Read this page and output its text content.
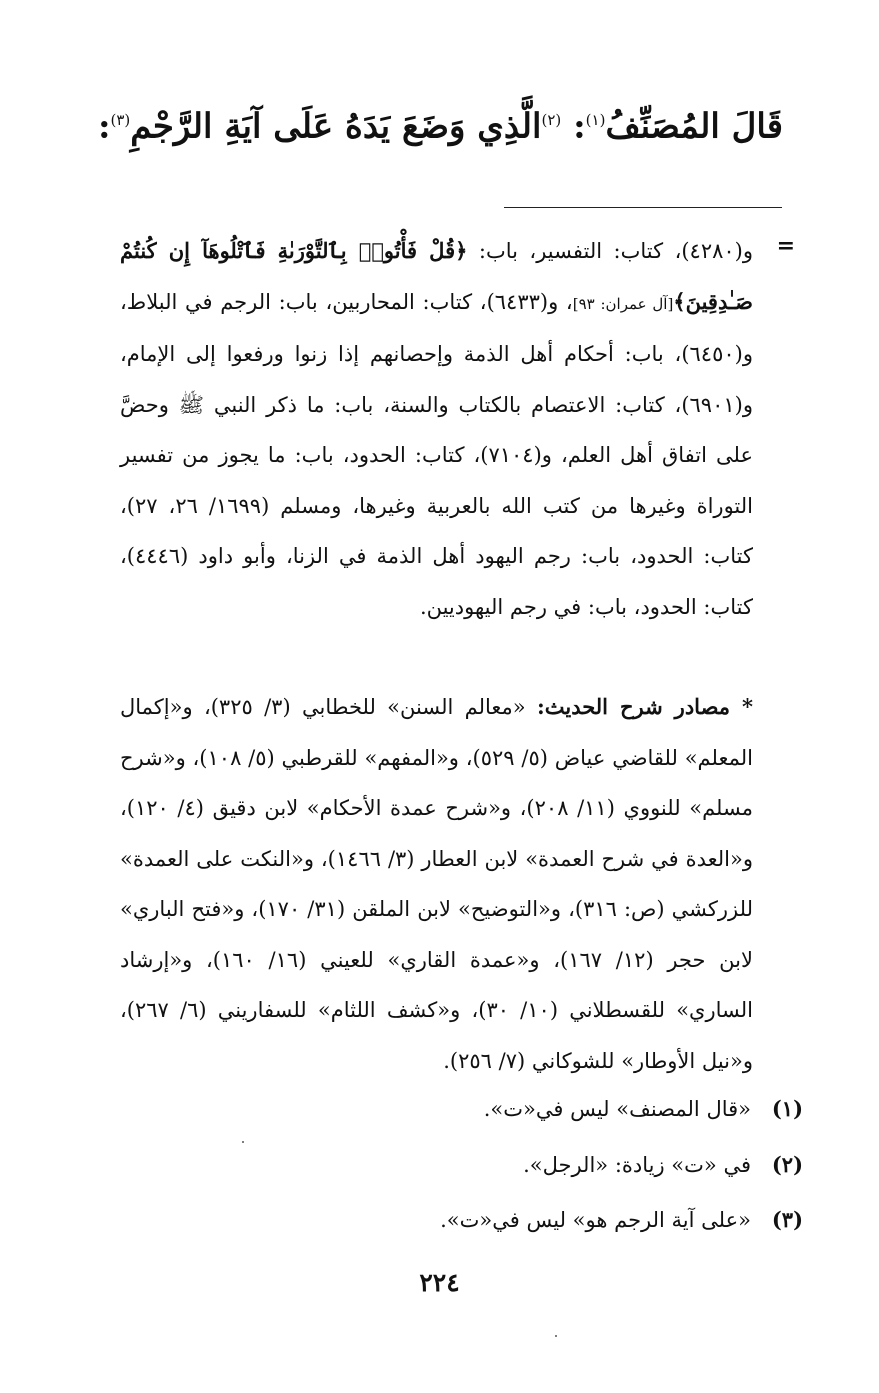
قَالَ المُصَنِّفُ$^{(١)}$: $^{(٢)}$الَّذِي وَضَعَ يَدَهُ عَلَى آيَةِ الرَّجْمِ$^{(٣)}$:
=
و(٤٢٨٠)، كتاب: التفسير، باب: ﴿قُلْ فَأْتُوا۟ بِٱلتَّوْرَىٰةِ فَٱتْلُوهَآ إِن كُنتُمْ صَـٰدِقِينَ﴾[آل عمران: ٩٣]، و(٦٤٣٣)، كتاب: المحاربين، باب: الرجم في البلاط، و(٦٤٥٠)، باب: أحكام أهل الذمة وإحصانهم إذا زنوا ورفعوا إلى الإمام، و(٦٩٠١)، كتاب: الاعتصام بالكتاب والسنة، باب: ما ذكر النبي ﷺ وحضَّ على اتفاق أهل العلم، و(٧١٠٤)، كتاب: الحدود، باب: ما يجوز من تفسير التوراة وغيرها من كتب الله بالعربية وغيرها، ومسلم (١٦٩٩/ ٢٦، ٢٧)، كتاب: الحدود، باب: رجم اليهود أهل الذمة في الزنا، وأبو داود (٤٤٤٦)، كتاب: الحدود، باب: في رجم اليهوديين.
* مصادر شرح الحديث: «معالم السنن» للخطابي (٣/ ٣٢٥)، و«إكمال المعلم» للقاضي عياض (٥/ ٥٢٩)، و«المفهم» للقرطبي (٥/ ١٠٨)، و«شرح مسلم» للنووي (١١/ ٢٠٨)، و«شرح عمدة الأحكام» لابن دقيق (٤/ ١٢٠)، و«العدة في شرح العمدة» لابن العطار (٣/ ١٤٦٦)، و«النكت على العمدة» للزركشي (ص: ٣١٦)، و«التوضيح» لابن الملقن (٣١/ ١٧٠)، و«فتح الباري» لابن حجر (١٢/ ١٦٧)، و«عمدة القاري» للعيني (١٦/ ١٦٠)، و«إرشاد الساري» للقسطلاني (١٠/ ٣٠)، و«كشف اللثام» للسفاريني (٦/ ٢٦٧)، و«نيل الأوطار» للشوكاني (٧/ ٢٥٦).
(١)«قال المصنف» ليس في«ت».
(٢)في «ت» زيادة: «الرجل».
(٣)«على آية الرجم هو» ليس في«ت».
٢٢٤
